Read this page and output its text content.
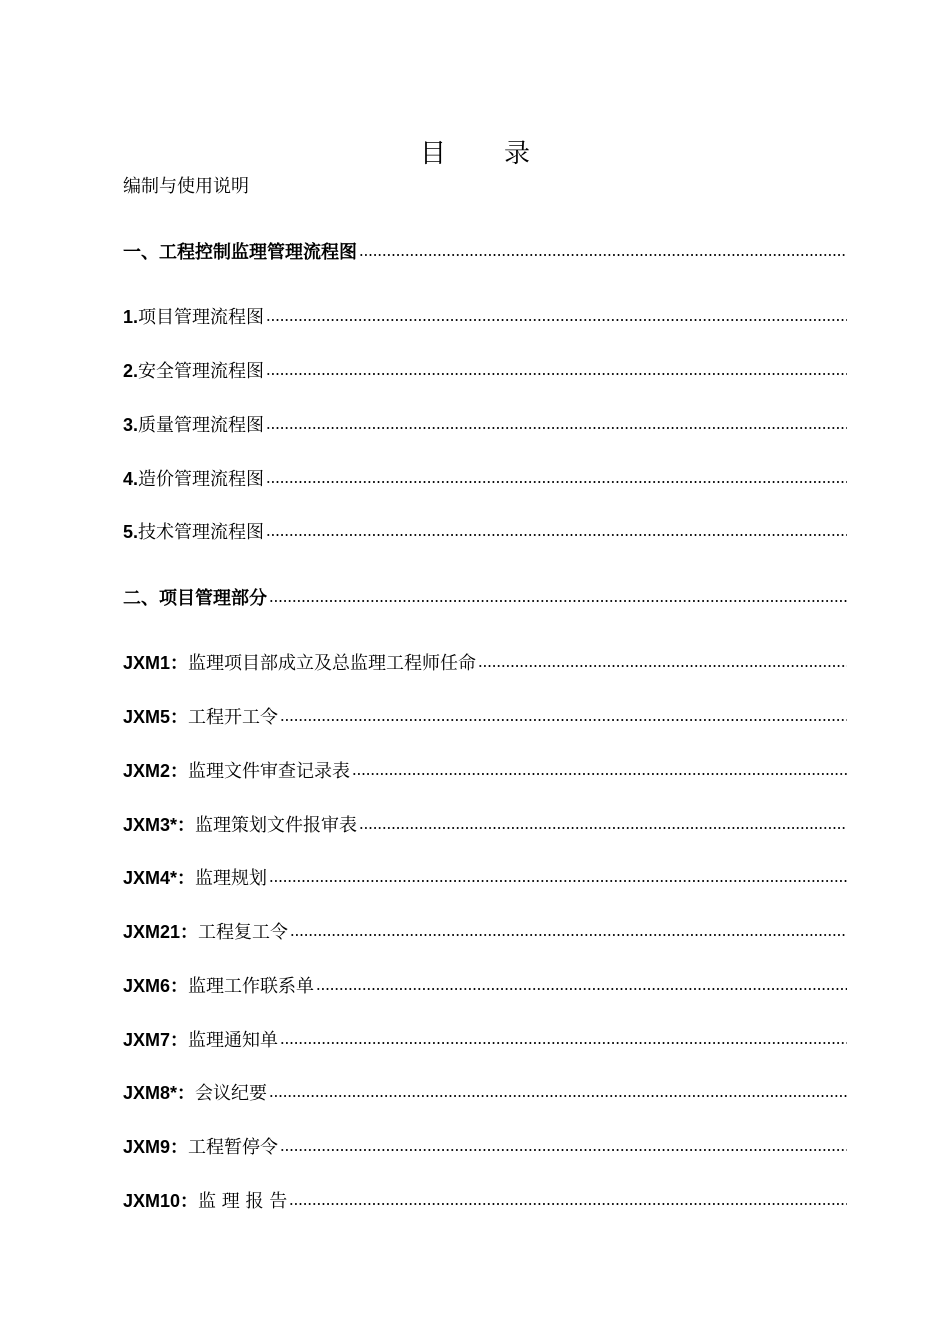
目 录
编制与使用说明
一、工程控制监理管理流程图
1.项目管理流程图
2.安全管理流程图
3.质量管理流程图
4.造价管理流程图
5.技术管理流程图
二、项目管理部分
JXM1：监理项目部成立及总监理工程师任命
JXM5：工程开工令
JXM2：监理文件审查记录表
JXM3*：监理策划文件报审表
JXM4*：监理规划
JXM21：工程复工令
JXM6：监理工作联系单
JXM7：监理通知单
JXM8*：会议纪要
JXM9：工程暂停令
JXM10：监 理 报 告
